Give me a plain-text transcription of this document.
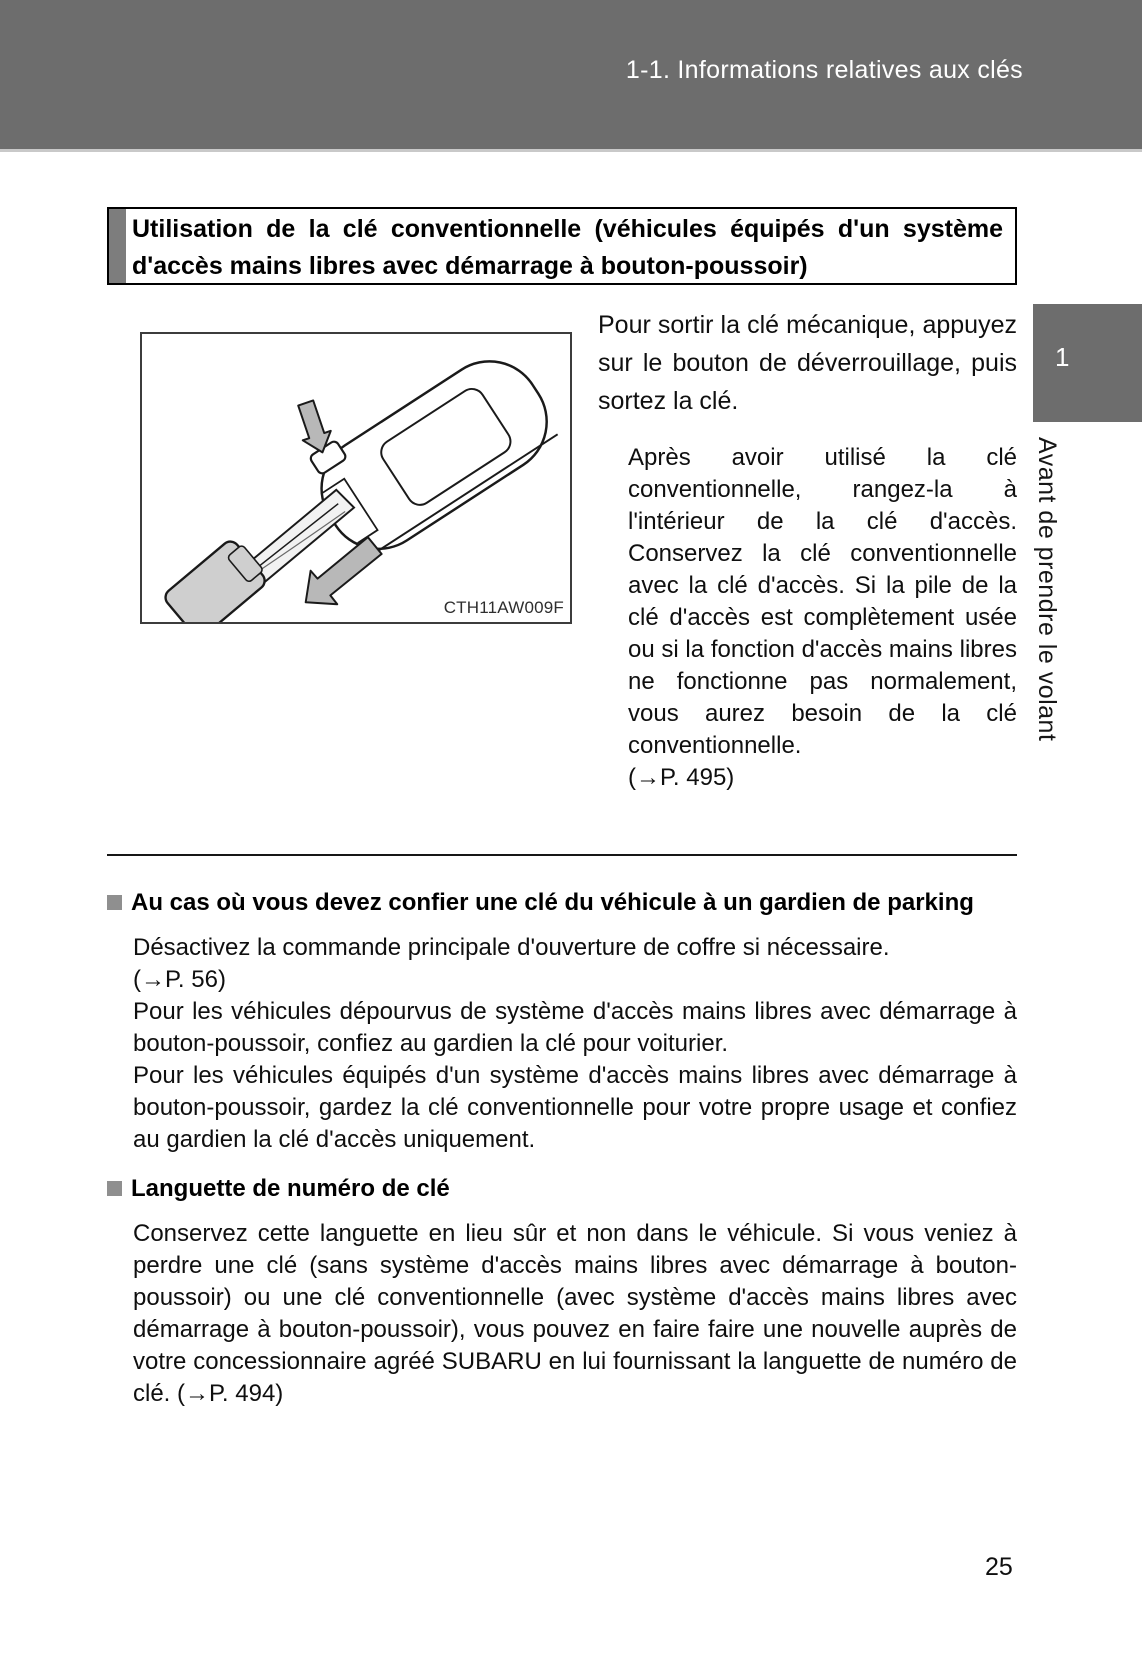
1-1. Informations relatives aux clés
Utilisation de la clé conventionnelle (véhicules équipés d'un système d'accès mains libres avec démarrage à bouton-poussoir)
CTH11AW009F

Pour sortir la clé mécanique, appuyez sur le bouton de déverrouillage, puis sortez la clé.

Après avoir utilisé la clé conventionnelle, rangez-la à l'intérieur de la clé d'accès. Conservez la clé conventionnelle avec la clé d'accès. Si la pile de la clé d'accès est complètement usée ou si la fonction d'accès mains libres ne fonctionne pas normalement, vous aurez besoin de la clé conventionnelle.

(→P. 495)

1
Avant de prendre le volant
Au cas où vous devez confier une clé du véhicule à un gardien de parking

Désactivez la commande principale d'ouverture de coffre si nécessaire.

(→P. 56)

Pour les véhicules dépourvus de système d'accès mains libres avec démarrage à bouton-poussoir, confiez au gardien la clé pour voiturier.

Pour les véhicules équipés d'un système d'accès mains libres avec démarrage à bouton-poussoir, gardez la clé conventionnelle pour votre propre usage et confiez au gardien la clé d'accès uniquement.

Languette de numéro de clé

Conservez cette languette en lieu sûr et non dans le véhicule. Si vous veniez à perdre une clé (sans système d'accès mains libres avec démarrage à bouton-poussoir) ou une clé conventionnelle (avec système d'accès mains libres avec démarrage à bouton-poussoir), vous pouvez en faire faire une nouvelle auprès de votre concessionnaire agréé SUBARU en lui fournissant la languette de numéro de clé. (→P. 494)

25
